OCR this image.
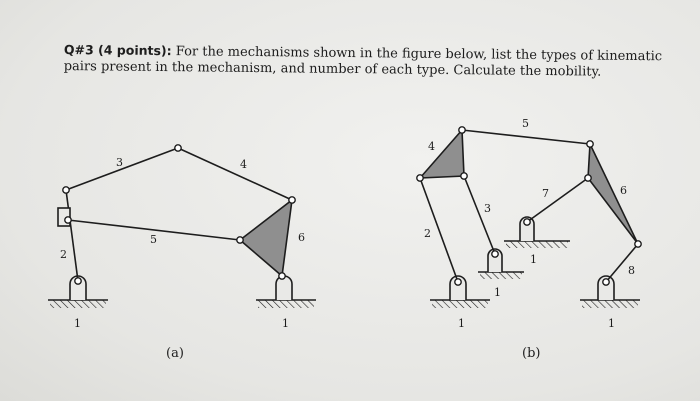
Q#3 (4 points): For the mechanisms shown in the figure below, list the types of kinematic pairs present in the mechanism, and number of each type. Calculate the mobility.

3	4
5	6
2
1	1
(a)
4
5
3
2
7	6
8
1
1
1	1
(b)
